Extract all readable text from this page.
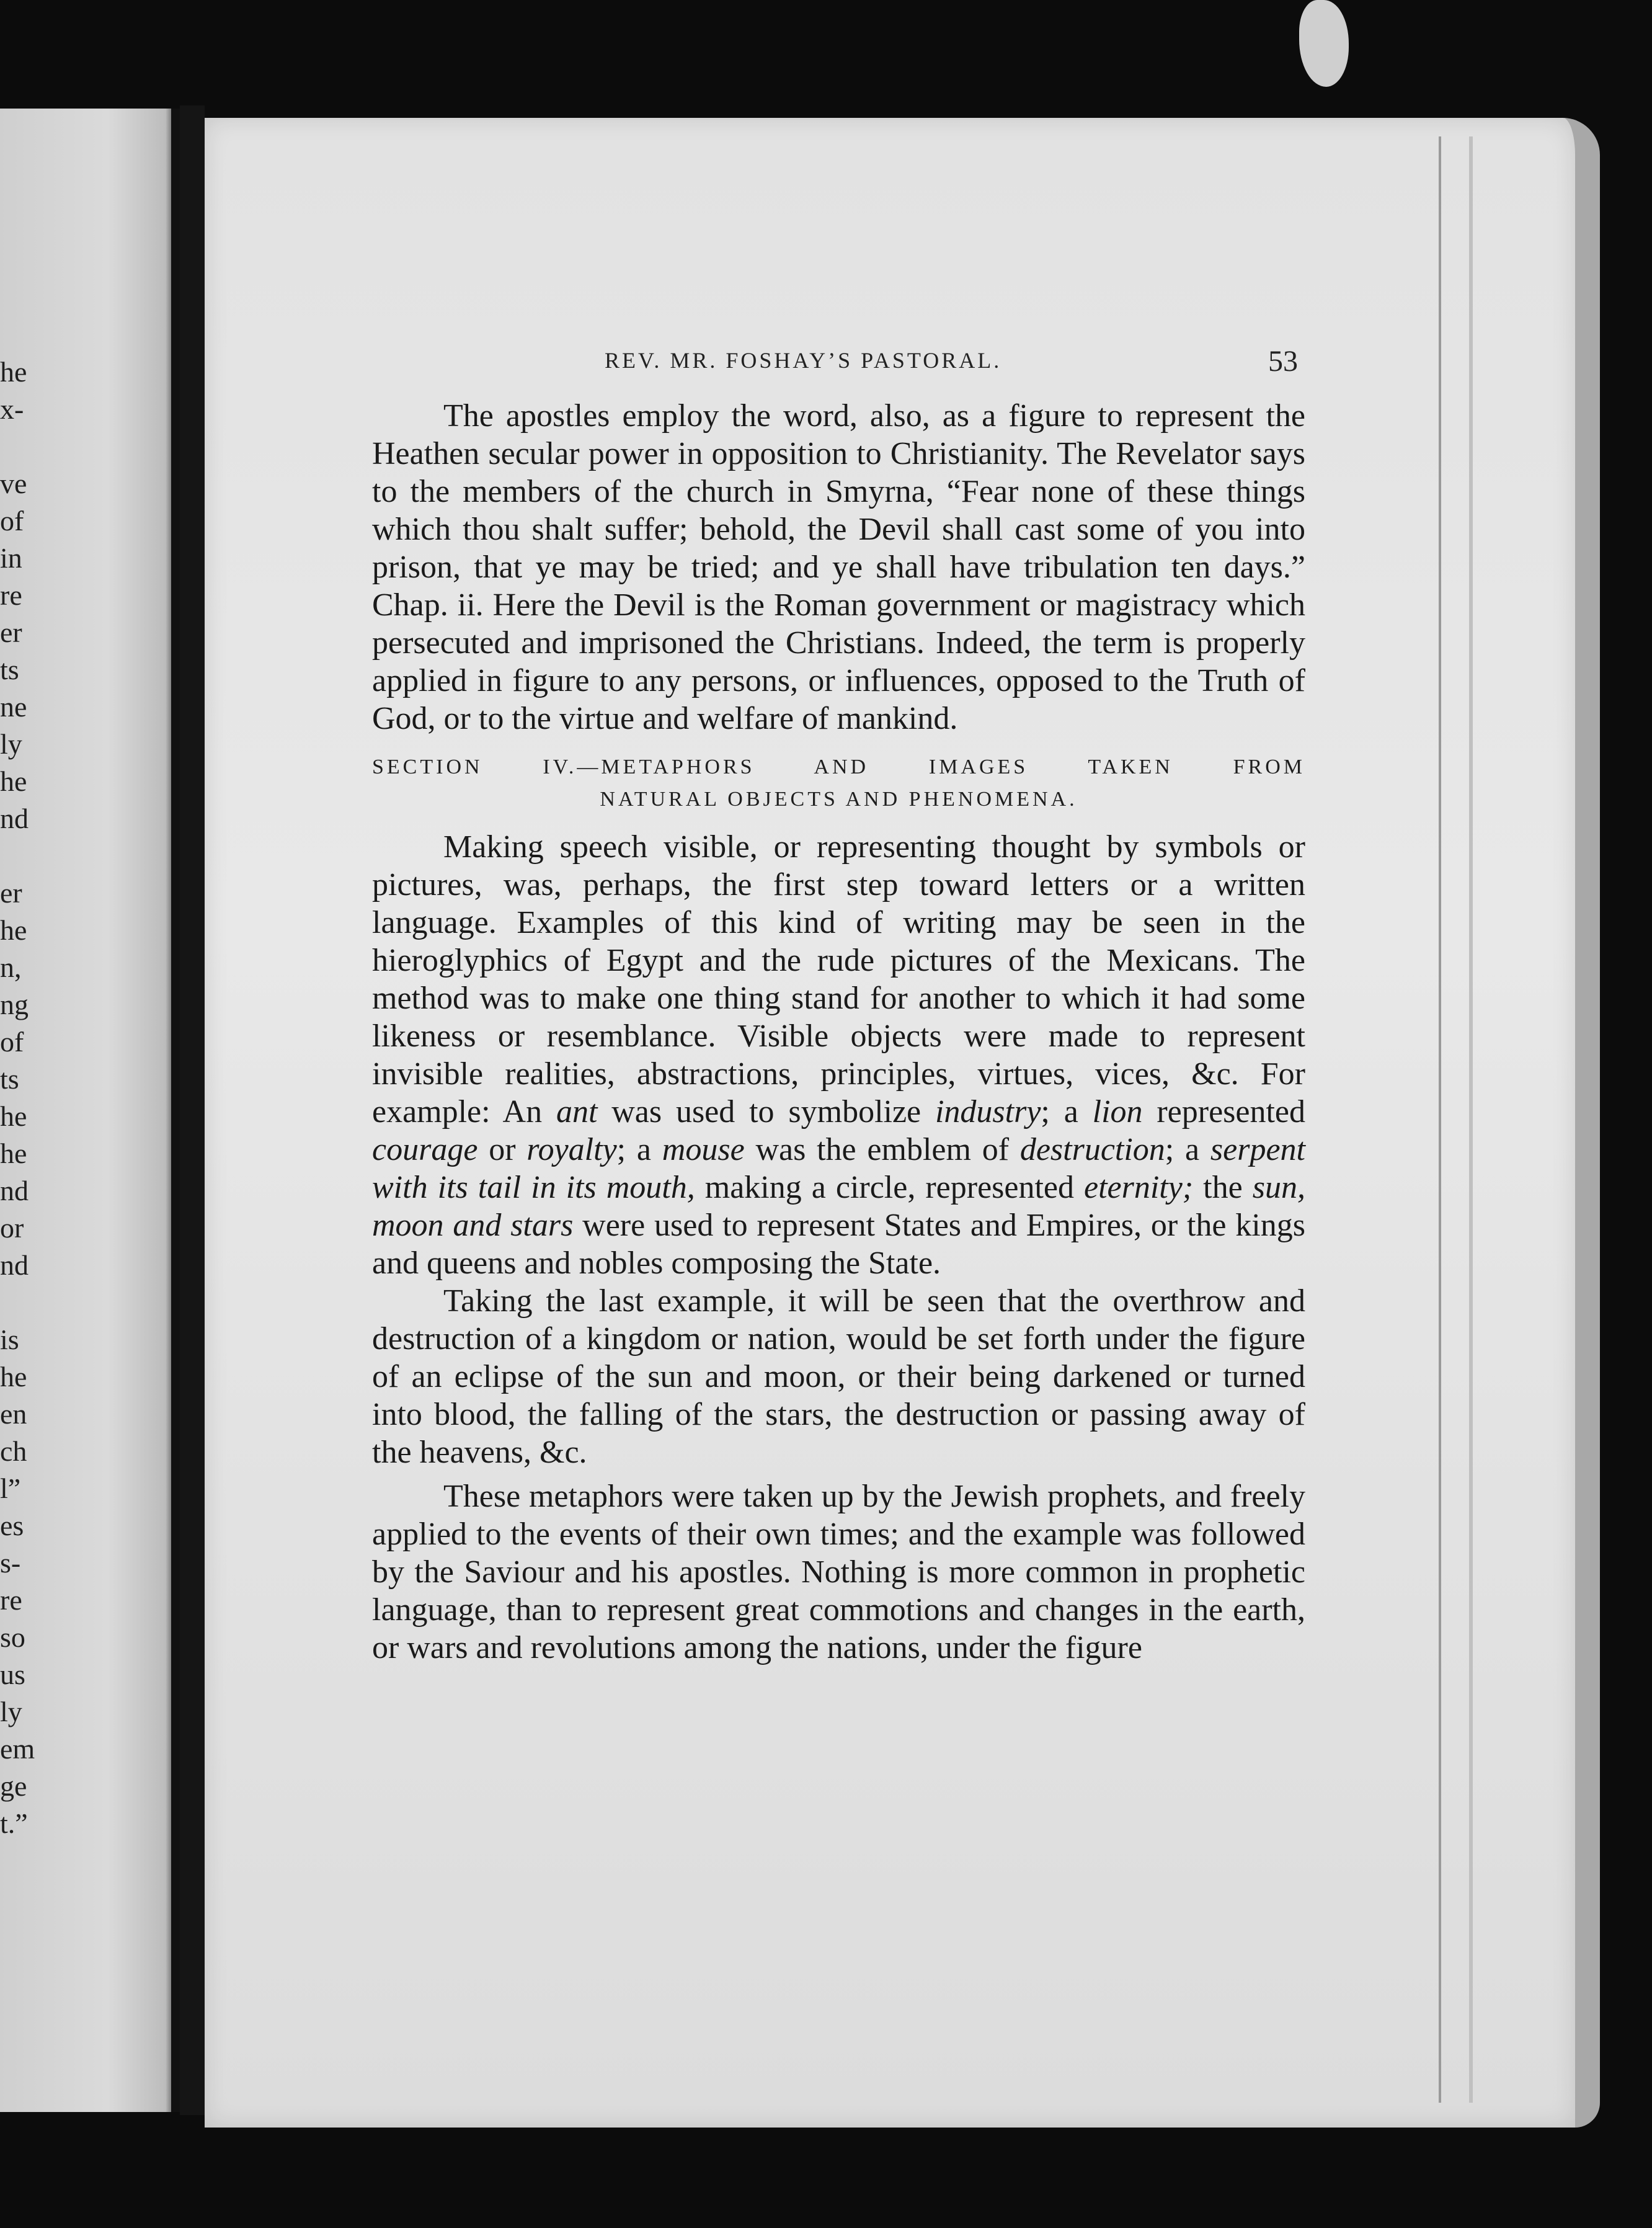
he
x-
ve
of
in
re
er
ts
ne
ly
he
nd
er
he
n,
ng
of
ts
he
he
nd
or
nd
is
he
en
ch
l”
es
s-
re
so
us
ly
em
ge
t.”
REV. MR. FOSHAY’S PASTORAL.	53

The apostles employ the word, also, as a figure to represent the Heathen secular power in opposition to Christianity. The Revelator says to the members of the church in Smyrna, “Fear none of these things which thou shalt suffer; behold, the Devil shall cast some of you into prison, that ye may be tried; and ye shall have tribulation ten days.” Chap. ii. Here the Devil is the Roman government or magistracy which persecuted and imprisoned the Christians. Indeed, the term is properly applied in figure to any persons, or influences, opposed to the Truth of God, or to the virtue and welfare of mankind.

SECTION IV.—METAPHORS AND IMAGES TAKEN FROM
NATURAL OBJECTS AND PHENOMENA.

Making speech visible, or representing thought by symbols or pictures, was, perhaps, the first step toward letters or a written language. Examples of this kind of writing may be seen in the hieroglyphics of Egypt and the rude pictures of the Mexicans. The method was to make one thing stand for another to which it had some likeness or resemblance. Visible objects were made to represent invisible realities, abstractions, principles, virtues, vices, &c. For example: An ant was used to symbolize industry; a lion represented courage or royalty; a mouse was the emblem of destruction; a serpent with its tail in its mouth, making a circle, represented eternity; the sun, moon and stars were used to represent States and Empires, or the kings and queens and nobles composing the State.

Taking the last example, it will be seen that the overthrow and destruction of a kingdom or nation, would be set forth under the figure of an eclipse of the sun and moon, or their being darkened or turned into blood, the falling of the stars, the destruction or passing away of the heavens, &c.

These metaphors were taken up by the Jewish prophets, and freely applied to the events of their own times; and the example was followed by the Saviour and his apostles. Nothing is more common in prophetic language, than to represent great commotions and changes in the earth, or wars and revolutions among the nations, under the figure
